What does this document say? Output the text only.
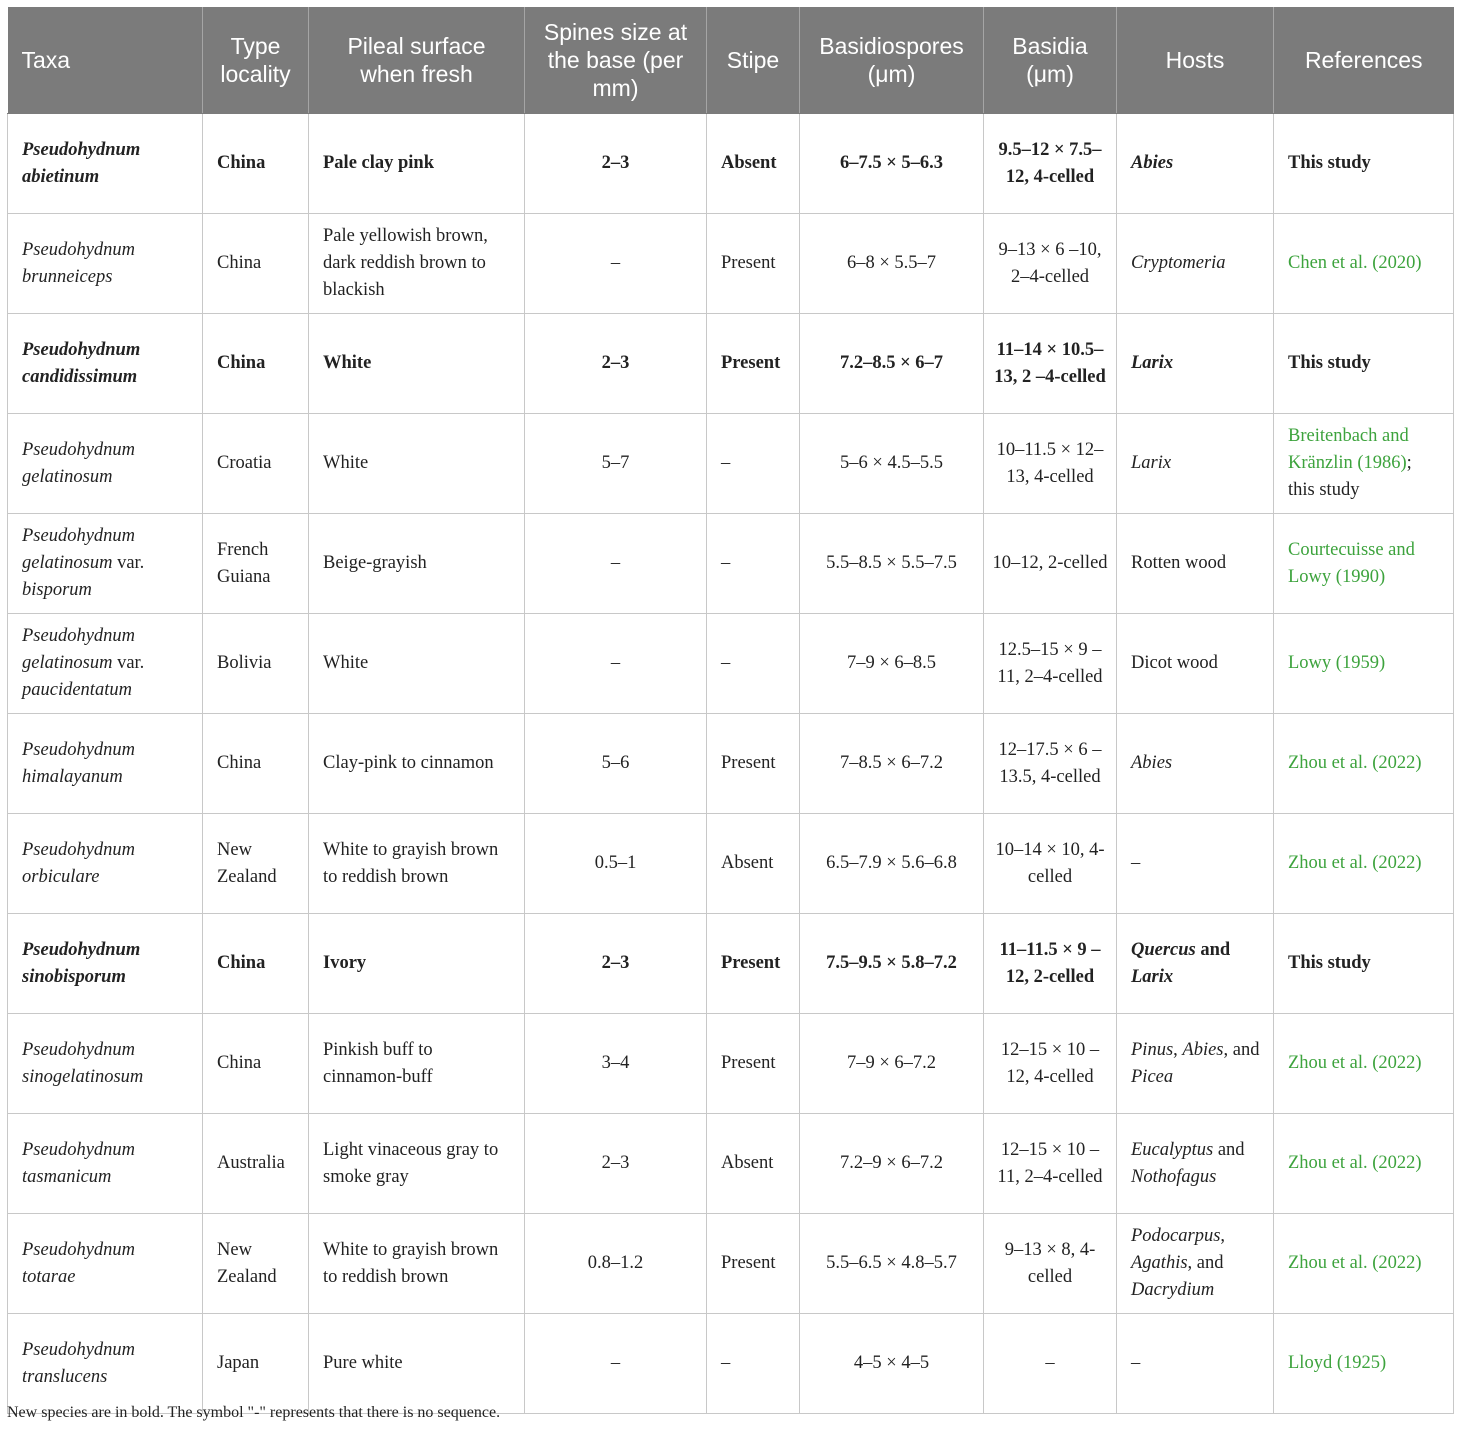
Taxa	Type locality	Pileal surface when fresh	Spines size at the base (per mm)	Stipe	Basidiospores (μm)	Basidia (μm)	Hosts	References
Pseudohydnum abietinum	China	Pale clay pink	2–3	Absent	6–7.5 × 5–6.3	9.5–12 × 7.5–12, 4-celled	Abies	This study
Pseudohydnum brunneiceps	China	Pale yellowish brown, dark reddish brown to blackish	–	Present	6–8 × 5.5–7	9–13 × 6 –10, 2–4-celled	Cryptomeria	Chen et al. (2020)
Pseudohydnum candidissimum	China	White	2–3	Present	7.2–8.5 × 6–7	11–14 × 10.5–13, 2 –4-celled	Larix	This study
Pseudohydnum gelatinosum	Croatia	White	5–7	–	5–6 × 4.5–5.5	10–11.5 × 12–13, 4-celled	Larix	Breitenbach and Kränzlin (1986); this study
Pseudohydnum gelatinosum var. bisporum	French Guiana	Beige-grayish	–	–	5.5–8.5 × 5.5–7.5	10–12, 2-celled	Rotten wood	Courtecuisse and Lowy (1990)
Pseudohydnum gelatinosum var. paucidentatum	Bolivia	White	–	–	7–9 × 6–8.5	12.5–15 × 9 –11, 2–4-celled	Dicot wood	Lowy (1959)
Pseudohydnum himalayanum	China	Clay-pink to cinnamon	5–6	Present	7–8.5 × 6–7.2	12–17.5 × 6 –13.5, 4-celled	Abies	Zhou et al. (2022)
Pseudohydnum orbiculare	New Zealand	White to grayish brown to reddish brown	0.5–1	Absent	6.5–7.9 × 5.6–6.8	10–14 × 10, 4-celled	–	Zhou et al. (2022)
Pseudohydnum sinobisporum	China	Ivory	2–3	Present	7.5–9.5 × 5.8–7.2	11–11.5 × 9 –12, 2-celled	Quercus and Larix	This study
Pseudohydnum sinogelatinosum	China	Pinkish buff to cinnamon-buff	3–4	Present	7–9 × 6–7.2	12–15 × 10 –12, 4-celled	Pinus, Abies, and Picea	Zhou et al. (2022)
Pseudohydnum tasmanicum	Australia	Light vinaceous gray to smoke gray	2–3	Absent	7.2–9 × 6–7.2	12–15 × 10 –11, 2–4-celled	Eucalyptus and Nothofagus	Zhou et al. (2022)
Pseudohydnum totarae	New Zealand	White to grayish brown to reddish brown	0.8–1.2	Present	5.5–6.5 × 4.8–5.7	9–13 × 8, 4-celled	Podocarpus, Agathis, and Dacrydium	Zhou et al. (2022)
Pseudohydnum translucens	Japan	Pure white	–	–	4–5 × 4–5	–	–	Lloyd (1925)
New species are in bold. The symbol "-" represents that there is no sequence.
